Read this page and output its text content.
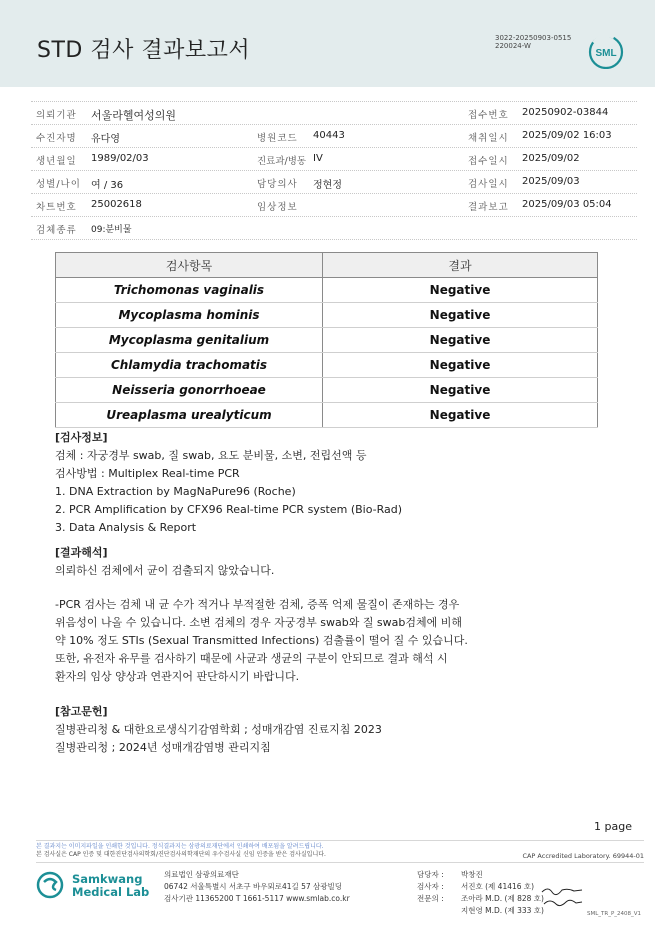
STD 검사 결과보고서	3022-20250903-0515
220024-W
SML
의뢰기관 서울라헬여성의원	접수번호 20250902-03844
수진자명 유다영	병원코드 40443	채취일시 2025/09/02 16:03
생년월일 1989/02/03	진료과/병동 IV	접수일시 2025/09/02
성별/나이 여 / 36	담당의사 정현정	검사일시 2025/09/03
차트번호 25002618	임상정보	결과보고 2025/09/03 05:04
검체종류 09:분비물
검사항목	결과
Trichomonas vaginalis	Negative
Mycoplasma hominis	Negative
Mycoplasma genitalium	Negative
Chlamydia trachomatis	Negative
Neisseria gonorrhoeae	Negative
Ureaplasma urealyticum	Negative
[검사정보]
검체 : 자궁경부 swab, 질 swab, 요도 분비물, 소변, 전립선액 등
검사방법 : Multiplex Real-time PCR
1. DNA Extraction by MagNaPure96 (Roche)
2. PCR Amplification by CFX96 Real-time PCR system (Bio-Rad)
3. Data Analysis & Report
[결과해석]
의뢰하신 검체에서 균이 검출되지 않았습니다.
-PCR 검사는 검체 내 균 수가 적거나 부적절한 검체, 증폭 억제 물질이 존재하는 경우
위음성이 나올 수 있습니다. 소변 검체의 경우 자궁경부 swab와 질 swab검체에 비해
약 10% 정도 STIs (Sexual Transmitted Infections) 검출률이 떨어 질 수 있습니다.
또한, 유전자 유무를 검사하기 때문에 사균과 생균의 구분이 안되므로 결과 해석 시
환자의 임상 양상과 연관지어 판단하시기 바랍니다.
[참고문헌]
질병관리청 & 대한요로생식기감염학회 ; 성매개감염 진료지침 2023
질병관리청 ; 2024년 성매개감염병 관리지침
1 page
본 결과지는 이미지파일을 인쇄한 것입니다. 정식결과지는 삼광의료재단에서 인쇄하여 배포됨을 알려드립니다.
본 검사실은 CAP 인증 및 대한진단검사의학회/진단검사의학재단의 우수검사실 신임 인증을 받은 검사실입니다.	CAP Accredited Laboratory. 69944-01
Samkwang
Medical Lab
의료법인 삼광의료재단
06742 서울특별시 서초구 바우뫼로41길 57 삼광빌딩
검사기관 11365200 T 1661-5117 www.smlab.co.kr
담당자 : 박창진
검사자 : 서진호 (제 41416 호)
전문의 : 조아라 M.D. (제 828 호)
지현영 M.D. (제 333 호)	SML_TR_P_2408_V1
